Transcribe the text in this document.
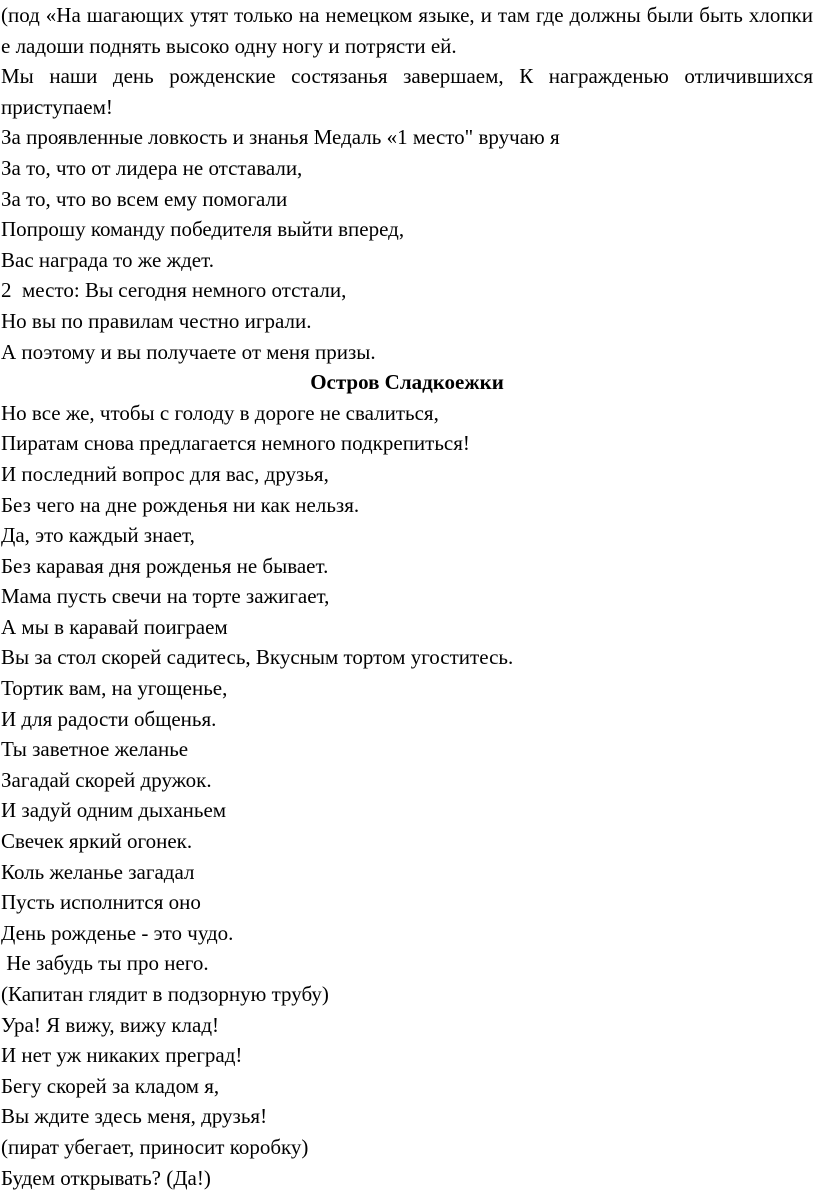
(под «На шагающих утят только на немецком языке, и там где должны были быть хлопки е ладоши поднять высоко одну ногу и потрясти ей.
Мы наши день рожденские состязанья завершаем, К награжденью отличившихся приступаем!
За проявленные ловкость и знанья Медаль «1 место" вручаю я
За то, что от лидера не отставали,
За то, что во всем ему помогали
Попрошу команду победителя выйти вперед,
Вас награда то же ждет.
2  место: Вы сегодня немного отстали,
Но вы по правилам честно играли.
А поэтому и вы получаете от меня призы.
Остров Сладкоежки
Но все же, чтобы с голоду в дороге не свалиться,
Пиратам снова предлагается немного подкрепиться!
И последний вопрос для вас, друзья,
Без чего на дне рожденья ни как нельзя.
Да, это каждый знает,
Без каравая дня рожденья не бывает.
Мама пусть свечи на торте зажигает,
А мы в каравай поиграем
Вы за стол скорей садитесь, Вкусным тортом угоститесь.
Тортик вам, на угощенье,
И для радости общенья.
Ты заветное желанье
Загадай скорей дружок.
И задуй одним дыханьем
Свечек яркий огонек.
Коль желанье загадал
Пусть исполнится оно
День рожденье - это чудо.
Не забудь ты про него.
(Капитан глядит в подзорную трубу)
Ура! Я вижу, вижу клад!
И нет уж никаких преград!
Бегу скорей за кладом я,
Вы ждите здесь меня, друзья!
(пират убегает, приносит коробку)
Будем открывать? (Да!)
